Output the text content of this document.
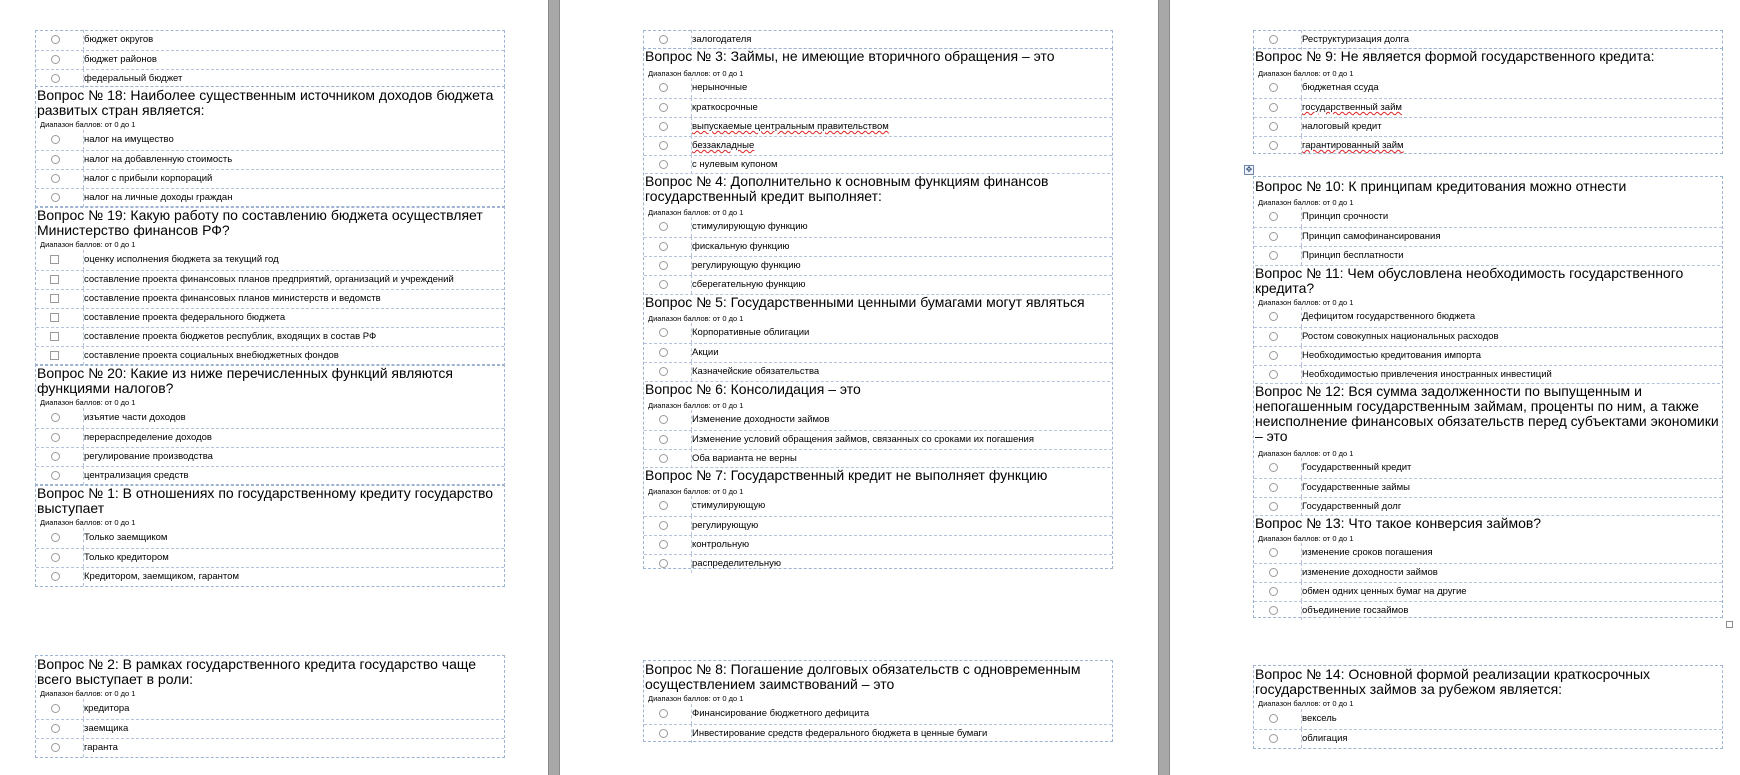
бюджет округов
бюджет районов
федеральный бюджет
Вопрос № 18: Наиболее существенным источником доходов бюджета развитых стран является:
Диапазон баллов: от 0 до 1
налог на имущество
налог на добавленную стоимость
налог с прибыли корпораций
налог на личные доходы граждан
Вопрос № 19: Какую работу по составлению бюджета осуществляет Министерство финансов РФ?
Диапазон баллов: от 0 до 1
оценку исполнения бюджета за текущий год
составление проекта финансовых планов предприятий, организаций и учреждений
составление проекта финансовых планов министерств и ведомств
составление проекта федерального бюджета
составление проекта бюджетов республик, входящих в состав РФ
составление проекта социальных внебюджетных фондов
Вопрос № 20: Какие из ниже перечисленных функций являются функциями налогов?
Диапазон баллов: от 0 до 1
изъятие части доходов
перераспределение доходов
регулирование производства
централизация средств
Вопрос № 1: В отношениях по государственному кредиту государство выступает
Диапазон баллов: от 0 до 1
Только заемщиком
Только кредитором
Кредитором, заемщиком, гарантом
Вопрос № 2: В рамках государственного кредита государство чаще всего выступает в роли:
Диапазон баллов: от 0 до 1
кредитора
заемщика
гаранта
залогодателя
Вопрос № 3: Займы, не имеющие вторичного обращения – это
Диапазон баллов: от 0 до 1
нерыночные
краткосрочные
выпускаемые центральным правительством
беззакладные
с нулевым купоном
Вопрос № 4: Дополнительно к основным функциям финансов государственный кредит выполняет:
Диапазон баллов: от 0 до 1
стимулирующую функцию
фискальную функцию
регулирующую функцию
сберегательную функцию
Вопрос № 5: Государственными ценными бумагами могут являться
Диапазон баллов: от 0 до 1
Корпоративные облигации
Акции
Казначейские обязательства
Вопрос № 6: Консолидация – это
Диапазон баллов: от 0 до 1
Изменение доходности займов
Изменение условий обращения займов, связанных со сроками их погашения
Оба варианта не верны
Вопрос № 7: Государственный кредит не выполняет функцию
Диапазон баллов: от 0 до 1
стимулирующую
регулирующую
контрольную
распределительную
Вопрос № 8: Погашение долговых обязательств с одновременным осуществлением заимствований – это
Диапазон баллов: от 0 до 1
Финансирование бюджетного дефицита
Инвестирование средств федерального бюджета в ценные бумаги
Реструктуризация долга
Вопрос № 9: Не является формой государственного кредита:
Диапазон баллов: от 0 до 1
бюджетная ссуда
государственный займ
налоговый кредит
гарантированный займ
✥
Вопрос № 10: К принципам кредитования можно отнести
Диапазон баллов: от 0 до 1
Принцип срочности
Принцип самофинансирования
Принцип бесплатности
Вопрос № 11: Чем обусловлена необходимость государственного кредита?
Диапазон баллов: от 0 до 1
Дефицитом государственного бюджета
Ростом совокупных национальных расходов
Необходимостью кредитования импорта
Необходимостью привлечения иностранных инвестиций
Вопрос № 12: Вся сумма задолженности по выпущенным и непогашенным государственным займам, проценты по ним, а также неисполнение финансовых обязательств перед субъектами экономики – это
Диапазон баллов: от 0 до 1
Государственный кредит
Государственные займы
Государственный долг
Вопрос № 13: Что такое конверсия займов?
Диапазон баллов: от 0 до 1
изменение сроков погашения
изменение доходности займов
обмен одних ценных бумаг на другие
объединение госзаймов
Вопрос № 14: Основной формой реализации краткосрочных государственных займов за рубежом является:
Диапазон баллов: от 0 до 1
вексель
облигация
